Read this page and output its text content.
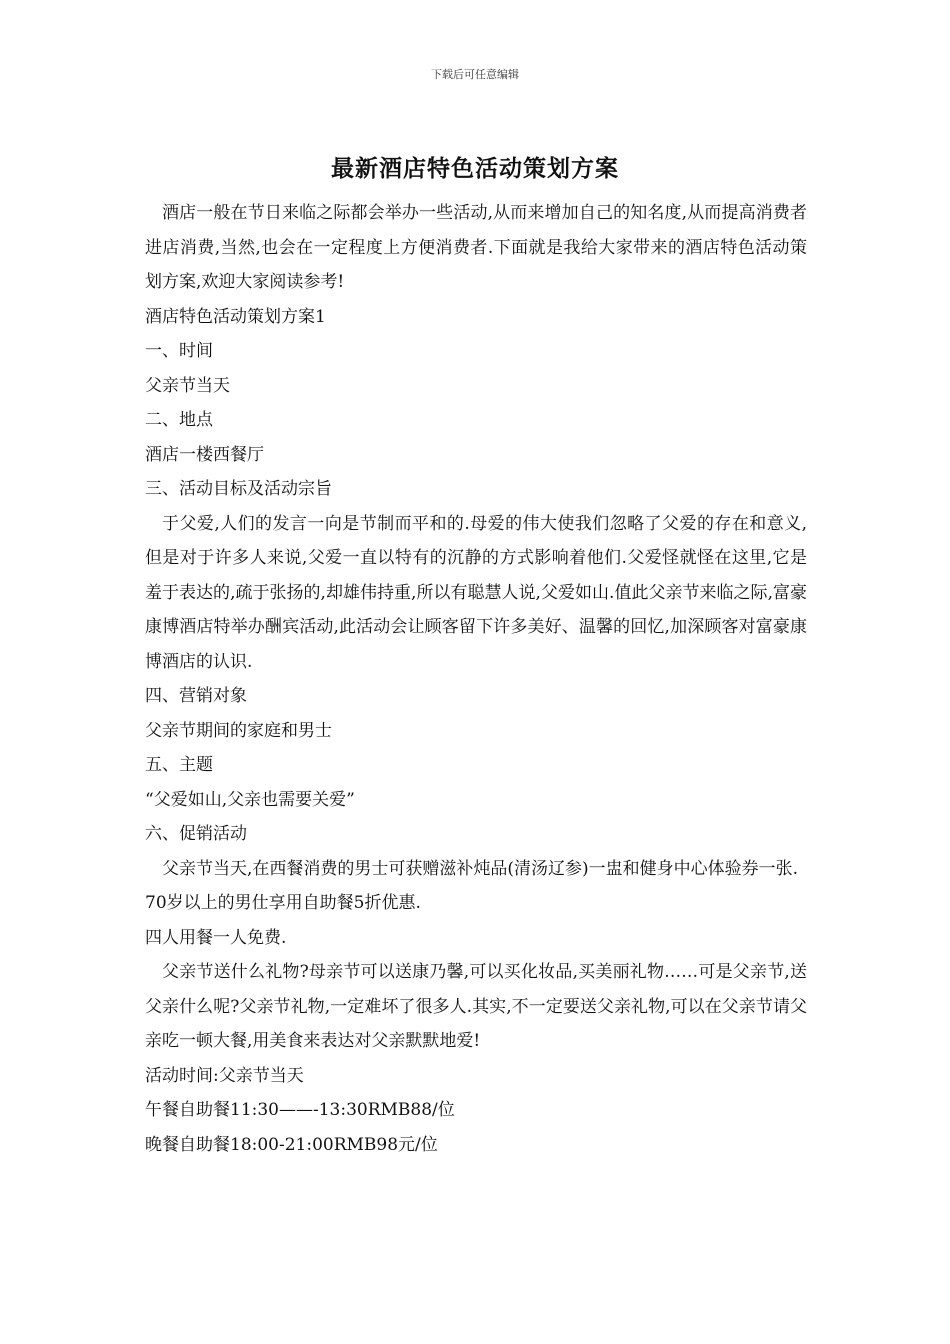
下载后可任意编辑
最新酒店特色活动策划方案

酒店一般在节日来临之际都会举办一些活动,从而来增加自己的知名度,从而提高消费者进店消费,当然,也会在一定程度上方便消费者.下面就是我给大家带来的酒店特色活动策划方案,欢迎大家阅读参考!

酒店特色活动策划方案1

一、时间

父亲节当天

二、地点

酒店一楼西餐厅

三、活动目标及活动宗旨

于父爱,人们的发言一向是节制而平和的.母爱的伟大使我们忽略了父爱的存在和意义,但是对于许多人来说,父爱一直以特有的沉静的方式影响着他们.父爱怪就怪在这里,它是羞于表达的,疏于张扬的,却雄伟持重,所以有聪慧人说,父爱如山.值此父亲节来临之际,富豪康博酒店特举办酬宾活动,此活动会让顾客留下许多美好、温馨的回忆,加深顾客对富豪康博酒店的认识.

四、营销对象

父亲节期间的家庭和男士

五、主题

“父爱如山,父亲也需要关爱”

六、促销活动

父亲节当天,在西餐消费的男士可获赠滋补炖品(清汤辽参)一盅和健身中心体验券一张.

70岁以上的男仕享用自助餐5折优惠.

四人用餐一人免费.

父亲节送什么礼物?母亲节可以送康乃馨,可以买化妆品,买美丽礼物……可是父亲节,送父亲什么呢?父亲节礼物,一定难坏了很多人.其实,不一定要送父亲礼物,可以在父亲节请父亲吃一顿大餐,用美食来表达对父亲默默地爱!

活动时间:父亲节当天

午餐自助餐11:30——-13:30RMB88/位

晚餐自助餐18:00-21:00RMB98元/位
